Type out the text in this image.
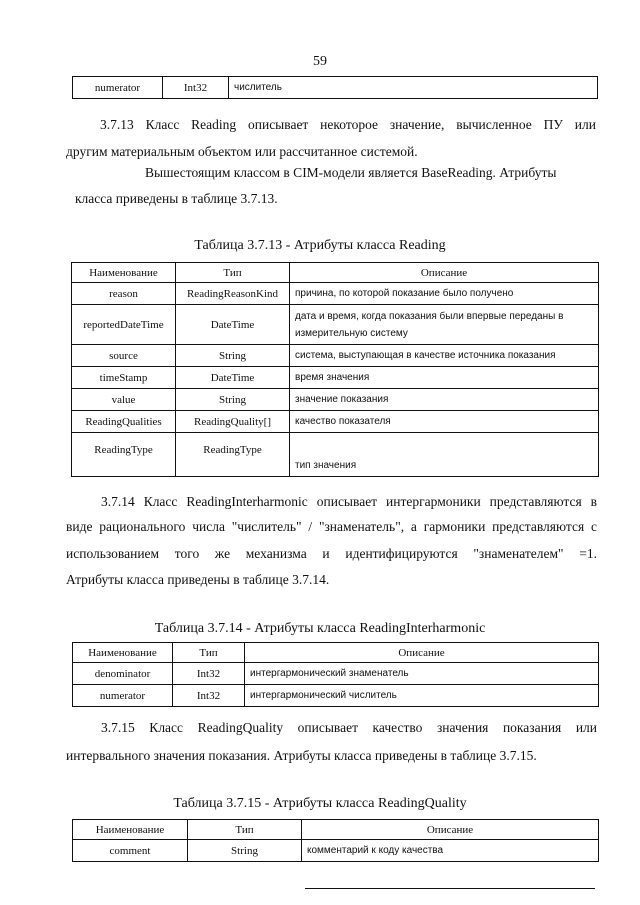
59
numerator	Int32	числитель
3.7.13 Класс Reading описывает некоторое значение, вычисленное ПУ или
другим материальным объектом или рассчитанное системой.
Вышестоящим классом в CIM-модели является BaseReading. Атрибуты
класса приведены в таблице 3.7.13.
Таблица 3.7.13 - Атрибуты класса Reading
Наименование	Тип	Описание
reason	ReadingReasonKind	причина, по которой показание было получено
reportedDateTime	DateTime	дата и время, когда показания были впервые переданы в измерительную систему
source	String	система, выступающая в качестве источника показания
timeStamp	DateTime	время значения
value	String	значение показания
ReadingQualities	ReadingQuality[]	качество показателя
ReadingType	ReadingType	тип значения
3.7.14 Класс ReadingInterharmonic описывает интергармоники представляются в
виде рационального числа "числитель" / "знаменатель", а гармоники представляются с
использованием того же механизма и идентифицируются "знаменателем" =1.
Атрибуты класса приведены в таблице 3.7.14.
Таблица 3.7.14 - Атрибуты класса ReadingInterharmonic
Наименование	Тип	Описание
denominator	Int32	интергармонический знаменатель
numerator	Int32	интергармонический числитель
3.7.15 Класс ReadingQuality описывает качество значения показания или
интервального значения показания. Атрибуты класса приведены в таблице 3.7.15.
Таблица 3.7.15 - Атрибуты класса ReadingQuality
Наименование	Тип	Описание
comment	String	комментарий к коду качества
